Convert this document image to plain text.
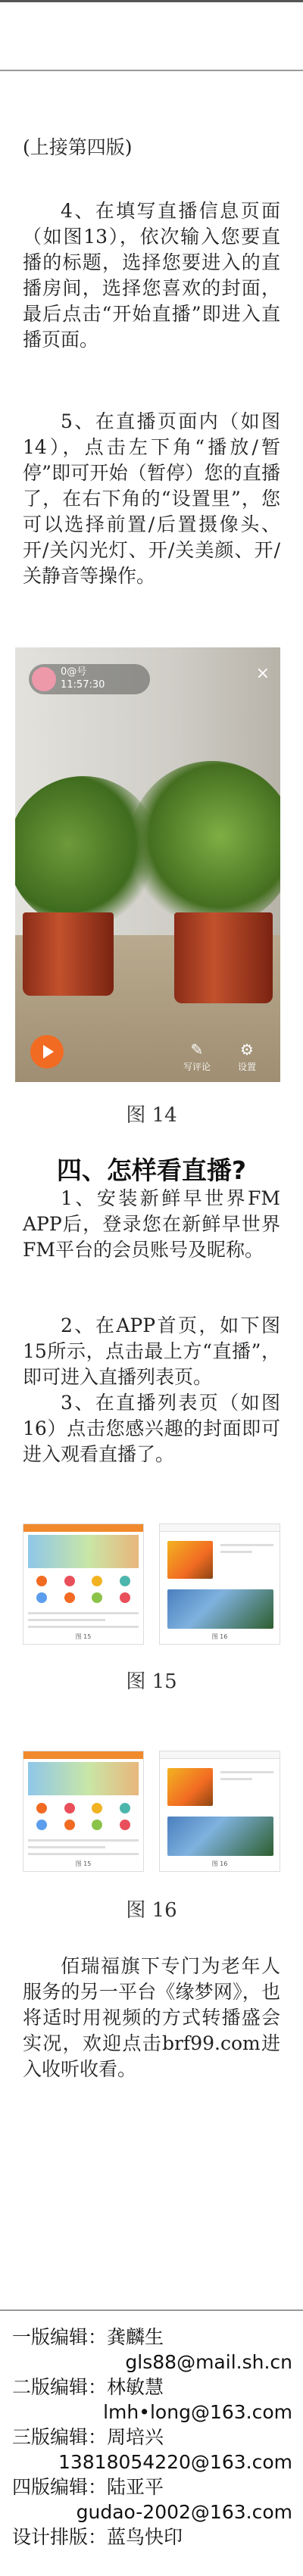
(上接第四版)

4、在填写直播信息页面（如图13），依次输入您要直播的标题，选择您要进入的直播房间，选择您喜欢的封面，最后点击“开始直播”即进入直播页面。

5、在直播页面内（如图14），点击左下角“播放/暂停”即可开始（暂停）您的直播了，在右下角的“设置里”，您可以选择前置/后置摄像头、开/关闪光灯、开/关美颜、开/关静音等操作。

0@号
11:57:30
×
✎
写评论
⚙
设置
图 14
四、怎样看直播?

1、安装新鲜早世界FM APP后，登录您在新鲜早世界FM平台的会员账号及昵称。

2、在APP首页，如下图15所示，点击最上方“直播”，即可进入直播列表页。

3、在直播列表页（如图16）点击您感兴趣的封面即可进入观看直播了。

图 15	图 16
图 15
图 15	图 16
图 16

佰瑞福旗下专门为老年人服务的另一平台《缘梦网》，也将适时用视频的方式转播盛会实况，欢迎点击brf99.com进入收听收看。

一版编辑：龚麟生
gls88@mail.sh.cn
二版编辑：林敏慧
lmh•long@163.com
三版编辑：周培兴
13818054220@163.com
四版编辑：陆亚平
gudao-2002@163.com
设计排版：蓝鸟快印
